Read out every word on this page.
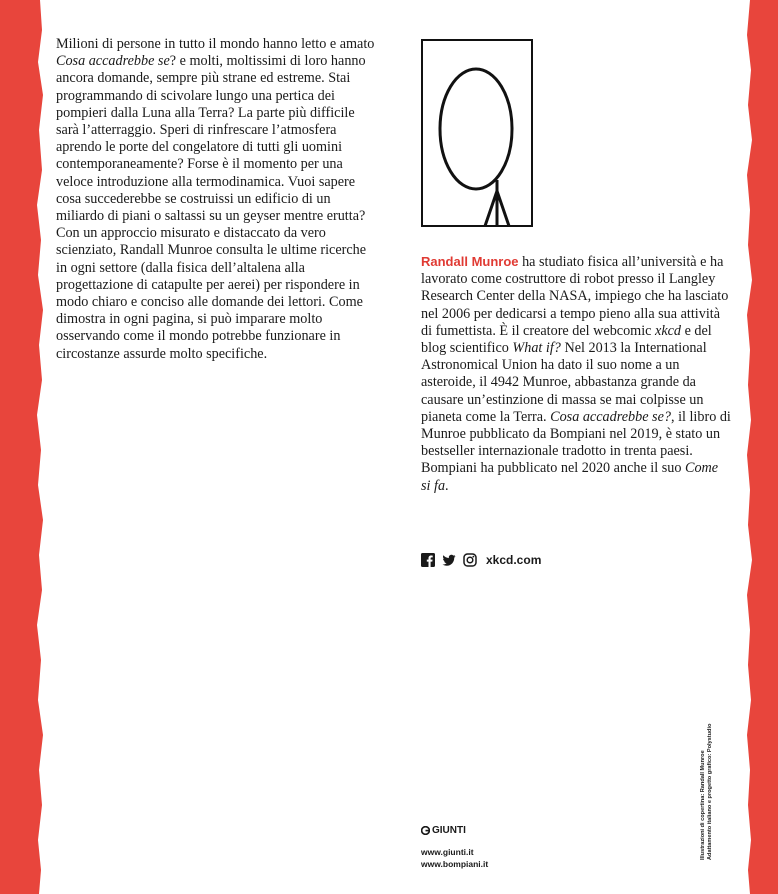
Milioni di persone in tutto il mondo hanno letto e amato Cosa accadrebbe se? e molti, moltissimi di loro hanno ancora domande, sempre più strane ed estreme. Stai programmando di scivolare lungo una pertica dei pompieri dalla Luna alla Terra? La parte più difficile sarà l’atterraggio. Speri di rinfrescare l’atmosfera aprendo le porte del congelatore di tutti gli uomini contemporaneamente? Forse è il momento per una veloce introduzione alla termodinamica. Vuoi sapere cosa succederebbe se costruissi un edificio di un miliardo di piani o saltassi su un geyser mentre erutta?

Con un approccio misurato e distaccato da vero scienziato, Randall Munroe consulta le ultime ricerche in ogni settore (dalla fisica dell’altalena alla progettazione di catapulte per aerei) per rispondere in modo chiaro e conciso alle domande dei lettori. Come dimostra in ogni pagina, si può imparare molto osservando come il mondo potrebbe funzionare in circostanze assurde molto specifiche.

Randall Munroe ha studiato fisica all’università e ha lavorato come costruttore di robot presso il Langley Research Center della NASA, impiego che ha lasciato nel 2006 per dedicarsi a tempo pieno alla sua attività di fumettista. È il creatore del webcomic xkcd e del blog scientifico What if? Nel 2013 la International Astronomical Union ha dato il suo nome a un asteroide, il 4942 Munroe, abbastanza grande da causare un’estinzione di massa se mai colpisse un pianeta come la Terra. Cosa accadrebbe se?, il libro di Munroe pubblicato da Bompiani nel 2019, è stato un bestseller internazionale tradotto in trenta paesi. Bompiani ha pubblicato nel 2020 anche il suo Come si fa.
xkcd.com
GIUNTI
www.giunti.it
www.bompiani.it
Illustrazioni di copertina: Randall Munroe Adattamento italiano e progetto grafico: Polystudio
